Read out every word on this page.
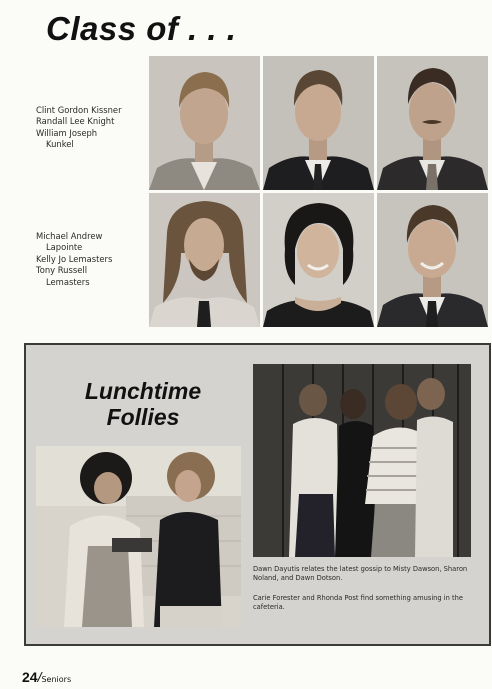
Class of . . .
Clint Gordon Kissner
Randall Lee Knight
William Joseph
Kunkel
Michael Andrew
Lapointe
Kelly Jo Lemasters
Tony Russell
Lemasters
Lunchtime
Follies
Dawn Dayutis relates the latest gossip to Misty Dawson, Sharon Noland, and Dawn Dotson.
Carie Forester and Rhonda Post find something amusing in the cafeteria.
24/Seniors
